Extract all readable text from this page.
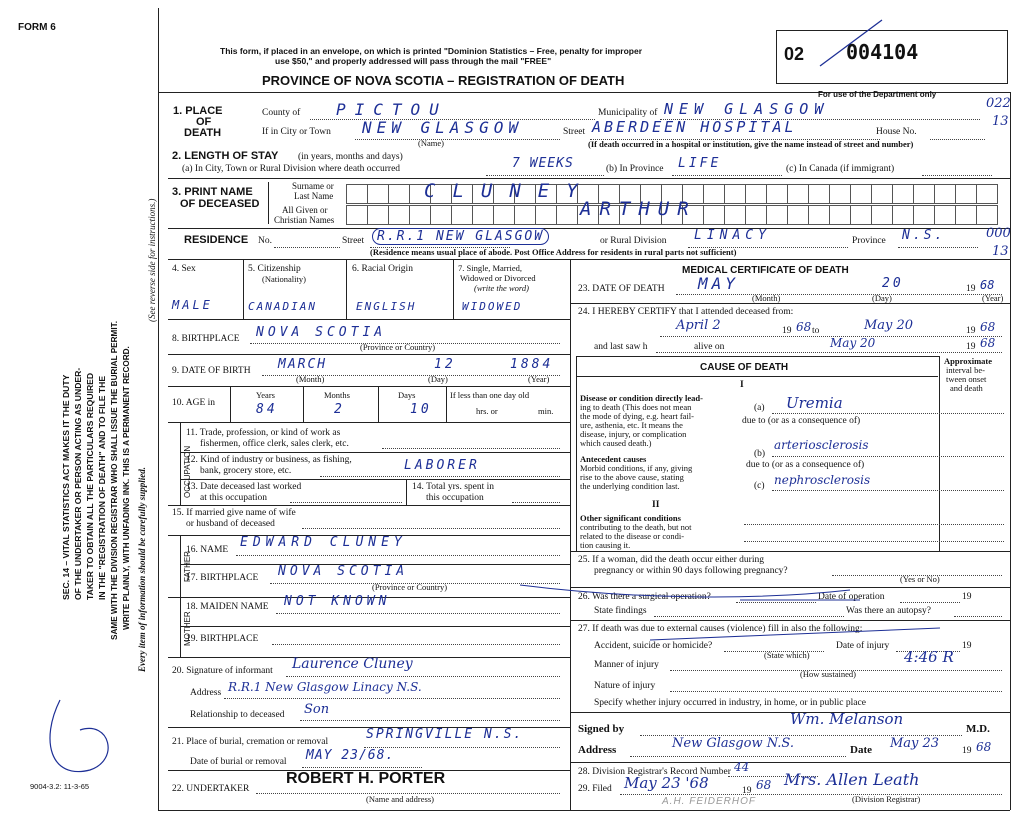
FORM 6
This form, if placed in an envelope, on which is printed "Dominion Statistics – Free, penalty for improper
use $50," and properly addressed will pass through the mail "FREE"
PROVINCE OF NOVA SCOTIA – REGISTRATION OF DEATH
02 004104
For use of the Department only
022
13
000
13
SEC. 14 – VITAL STATISTICS ACT MAKES IT THE DUTY OF THE UNDERTAKER OR PERSON ACTING AS UNDER- TAKER TO OBTAIN ALL THE PARTICULARS REQUIRED IN THE "REGISTRATION OF DEATH" AND TO FILE THE SAME WITH THE DIVISION REGISTRAR WHO SHALL ISSUE THE BURIAL PERMIT. WRITE PLAINLY, WITH UNFADING INK. THIS IS A PERMANENT RECORD. Every item of information should be carefully supplied.
(See reverse side for instructions.)
9004-3.2: 11-3-65
1. PLACE
OF
DEATH
County of PICTOU	Municipality of NEW GLASGOW
If in City or Town NEW GLASGOW
(Name)
Street ABERDEEN HOSPITAL	House No.
(If death occurred in a hospital or institution, give the name instead of street and number)
2. LENGTH OF STAY (in years, months and days)
(a) In City, Town or Rural Division where death occurred	7 WEEKS	(b) In Province LIFE	(c) In Canada (if immigrant)
3. PRINT NAME
OF DECEASED
Surname or
Last Name
All Given or
Christian Names
CLUNEY
ARTHUR
RESIDENCE No.	Street R.R.1 NEW GLASGOW	or Rural Division LINACY	Province N.S.
(Residence means usual place of abode. Post Office Address for residents in rural parts not sufficient)
4. Sex	5. Citizenship
(Nationality)
6. Racial Origin	7. Single, Married,
Widowed or Divorced
(write the word)
MALE	CANADIAN	ENGLISH	WIDOWED
8. BIRTHPLACE NOVA SCOTIA
(Province or Country)
9. DATE OF BIRTH MARCH	12	1884
(Month)	(Day)	(Year)
10. AGE in
Years	Months	Days	If less than one day old
84	2	10	hrs. or	min.
OCCUPATION
11. Trade, profession, or kind of work as
fishermen, office clerk, sales clerk, etc.
12. Kind of industry or business, as fishing,
bank, grocery store, etc.	LABORER
13. Date deceased last worked
at this occupation
14. Total yrs. spent in
this occupation
15. If married give name of wife
or husband of deceased
FATHER
16. NAME EDWARD CLUNEY
17. BIRTHPLACE NOVA SCOTIA
(Province or Country)
MOTHER
18. MAIDEN NAME NOT KNOWN
19. BIRTHPLACE
20. Signature of informant Laurence Cluney
Address R.R.1 New Glasgow Linacy N.S.
Relationship to deceased Son
21. Place of burial, cremation or removal	SPRINGVILLE N.S.
Date of burial or removal MAY 23/68.
22. UNDERTAKER
ROBERT H. PORTER
(Name and address)
MEDICAL CERTIFICATE OF DEATH
23. DATE OF DEATH MAY	20	19 68
(Month)	(Day)	(Year)
24. I HEREBY CERTIFY that I attended deceased from:
April 2	19 68 to	May 20	19 68
and last saw h	alive on	May 20	19 68
CAUSE OF DEATH
Approximate
interval be-
tween onset
and death
I
Disease or condition directly lead-
ing to death (This does not mean
the mode of dying, e.g. heart fail-
ure, asthenia, etc. It means the
disease, injury, or complication
which caused death.)
(a) Uremia
due to (or as a consequence of)
Antecedent causes
Morbid conditions, if any, giving
rise to the above cause, stating
the underlying condition last.
(b)
arteriosclerosis
due to (or as a consequence of)
(c) nephrosclerosis
II
Other significant conditions
contributing to the death, but not
related to the disease or condi-
tion causing it.
25. If a woman, did the death occur either during
pregnancy or within 90 days following pregnancy?
(Yes or No)
26. Was there a surgical operation?	Date of operation	19
State findings	Was there an autopsy?
27. If death was due to external causes (violence) fill in also the following:
Accident, suicide or homicide?
(State which)
Date of injury	19
Manner of injury	4:46 R
(How sustained)
Nature of injury
Specify whether injury occurred in industry, in home, or in public place
Signed by
Wm. Melanson
M.D.
Address	New Glasgow N.S.	Date May 23 19 68
28. Division Registrar's Record Number 44
29. Filed May 23 '68	19 68 Mrs. Allen Leath
(Division Registrar)
A.H. FEIDERHOF
